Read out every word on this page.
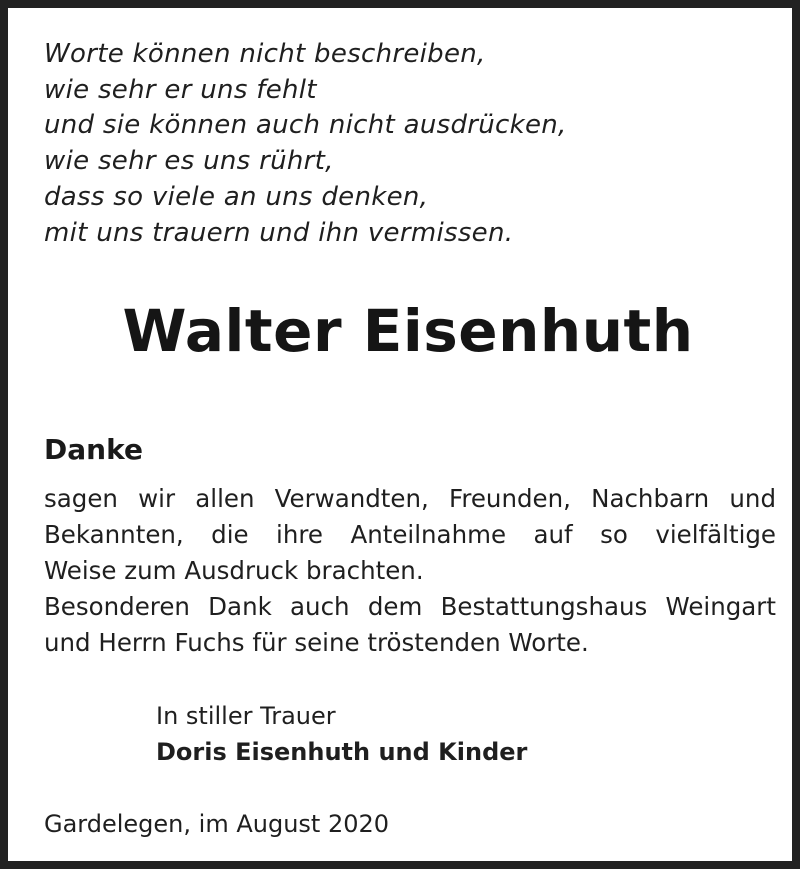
Worte können nicht beschreiben,
wie sehr er uns fehlt
und sie können auch nicht ausdrücken,
wie sehr es uns rührt,
dass so viele an uns denken,
mit uns trauern und ihn vermissen.
Walter Eisenhuth
Danke
sagen wir allen Verwandten, Freunden, Nachbarn und
Bekannten, die ihre Anteilnahme auf so vielfältige
Weise zum Ausdruck brachten.
Besonderen Dank auch dem Bestattungshaus Weingart
und Herrn Fuchs für seine tröstenden Worte.
In stiller Trauer
Doris Eisenhuth und Kinder
Gardelegen, im August 2020
